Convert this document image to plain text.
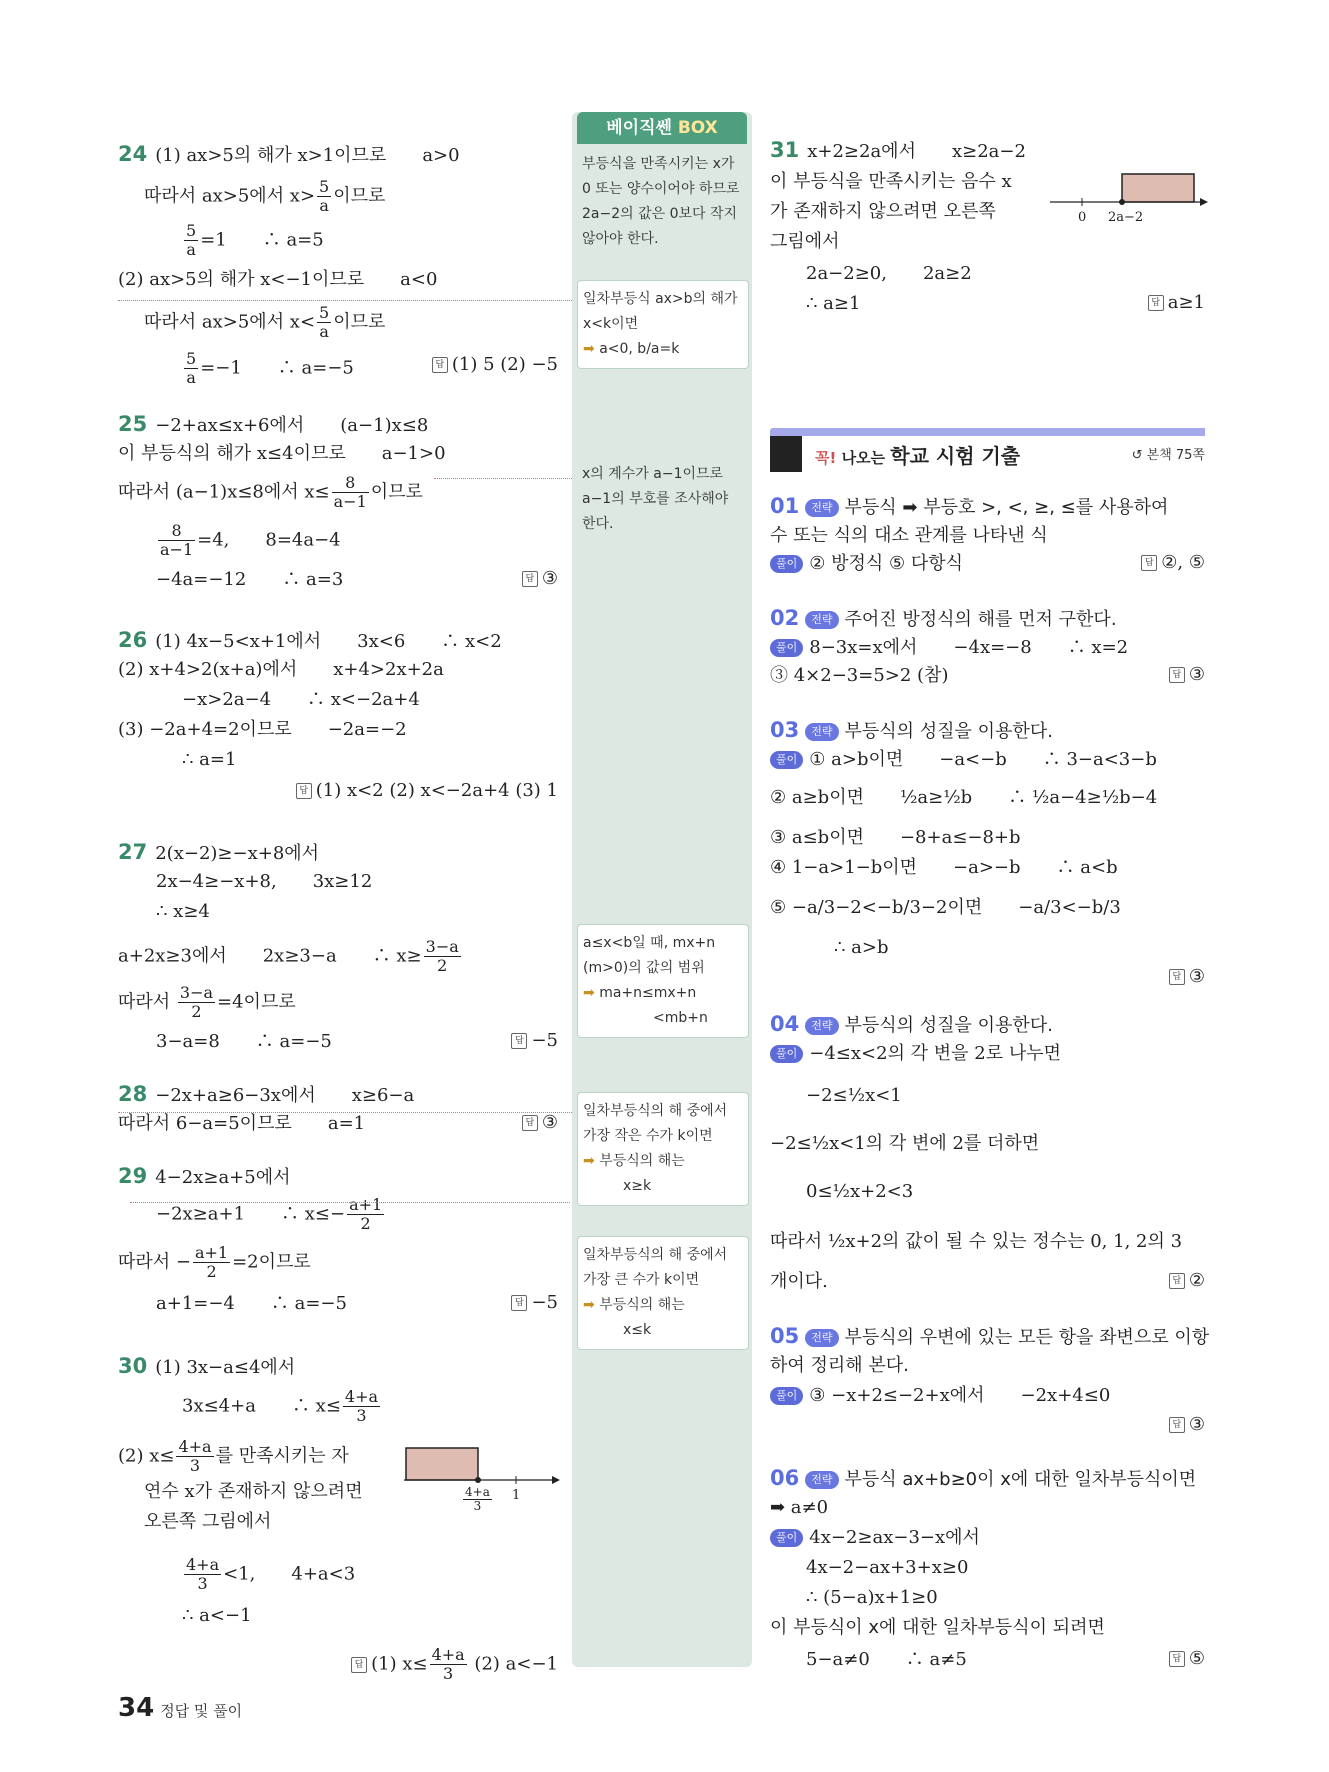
24 (1) ax>5의 해가 x>1이므로　　a>0
따라서 ax>5에서 $x> \frac{5}{a}$ 이므로
$\frac{5}{a} =1$　　∴ a=5
(2) ax>5의 해가 x<−1이므로　　a<0
따라서 ax>5에서 $x< \frac{5}{a}$ 이므로
$\frac{5}{a} =-1$　　∴ a=−5	답 (1) 5 (2) −5
25 −2+ax≤x+6에서　　(a−1)x≤8
이 부등식의 해가 x≤4이므로　　a−1>0
따라서 (a−1)x≤8에서 $x\le \frac{8}{a-1}$ 이므로
$\frac{8}{a-1} =4$,　　8=4a−4
−4a=−12　　∴ a=3	답 ③
26 (1) 4x−5<x+1에서　　3x<6　　∴ x<2
(2) x+4>2(x+a)에서　　x+4>2x+2a
−x>2a−4　　∴ x<−2a+4
(3) −2a+4=2이므로　　−2a=−2
∴ a=1
답 (1) x<2 (2) x<−2a+4 (3) 1
27 2(x−2)≥−x+8에서
2x−4≥−x+8,　　3x≥12
∴ x≥4
a+2x≥3에서　　2x≥3−a　　∴ $x\ge \frac{3-a}{2}$
따라서 $\frac{3-a}{2} =4$이므로
3−a=8　　∴ a=−5	답 −5
28 −2x+a≥6−3x에서　　x≥6−a
따라서 6−a=5이므로　　a=1	답 ③
29 4−2x≥a+5에서
−2x≥a+1　　∴ $x\le- \frac{a+1}{2}$
따라서 − $\frac{a+1}{2} =2$이므로
a+1=−4　　∴ a=−5	답 −5
30 (1) 3x−a≤4에서
3x≤4+a　　∴ $x\le \frac{4+a}{3}$
(2) $x\le \frac{4+a}{3}$ 를 만족시키는 자
연수 x가 존재하지 않으려면
오른쪽 그림에서
$\frac{4+a}{3} <1$,　　4+a<3
∴ a<−1
답 (1) $x\le \frac{4+a}{3} (2)$ a<−1
$\frac{4+a}{3} 1$
베이직쎈 BOX
부등식을 만족시키는 x가 0 또는 양수이어야 하므로 2a−2의 값은 0보다 작지 않아야 한다.
일차부등식 ax>b의 해가 x<k이면
➡ a<0, b/a=k
x의 계수가 a−1이므로 a−1의 부호를 조사해야 한다.
a≤x<b일 때, mx+n (m>0)의 값의 범위
➡ ma+n≤mx+n
<mb+n
일차부등식의 해 중에서 가장 작은 수가 k이면
➡ 부등식의 해는
x≥k
일차부등식의 해 중에서 가장 큰 수가 k이면
➡ 부등식의 해는
x≤k
31 x+2≥2a에서　　x≥2a−2
이 부등식을 만족시키는 음수 x
가 존재하지 않으려면 오른쪽
그림에서
2a−2≥0,　　2a≥2
∴ a≥1	답 a≥1
0 2a−2
꼭! 나오는 학교 시험 기출	↺ 본책 75쪽
01 전략 부등식 ➡ 부등호 >, <, ≥, ≤를 사용하여
수 또는 식의 대소 관계를 나타낸 식
풀이 ② 방정식 ⑤ 다항식	답 ②, ⑤
02 전략 주어진 방정식의 해를 먼저 구한다.
풀이 8−3x=x에서　　−4x=−8　　∴ x=2
③ 4×2−3=5>2 (참)	답 ③
03 전략 부등식의 성질을 이용한다.
풀이 ① a>b이면　　−a<−b　　∴ 3−a<3−b
② a≥b이면　　½a≥½b　　∴ ½a−4≥½b−4
③ a≤b이면　　−8+a≤−8+b
④ 1−a>1−b이면　　−a>−b　　∴ a<b
⑤ −a/3−2<−b/3−2이면　　−a/3<−b/3
∴ a>b
답 ③
04 전략 부등식의 성질을 이용한다.
풀이 −4≤x<2의 각 변을 2로 나누면
−2≤½x<1
−2≤½x<1의 각 변에 2를 더하면
0≤½x+2<3
따라서 ½x+2의 값이 될 수 있는 정수는 0, 1, 2의 3
개이다.	답 ②
05 전략 부등식의 우변에 있는 모든 항을 좌변으로 이항
하여 정리해 본다.
풀이 ③ −x+2≤−2+x에서　　−2x+4≤0
답 ③
06 전략 부등식 ax+b≥0이 x에 대한 일차부등식이면
➡ a≠0
풀이 4x−2≥ax−3−x에서
4x−2−ax+3+x≥0
∴ (5−a)x+1≥0
이 부등식이 x에 대한 일차부등식이 되려면
5−a≠0　　∴ a≠5	답 ⑤
34 정답 및 풀이
